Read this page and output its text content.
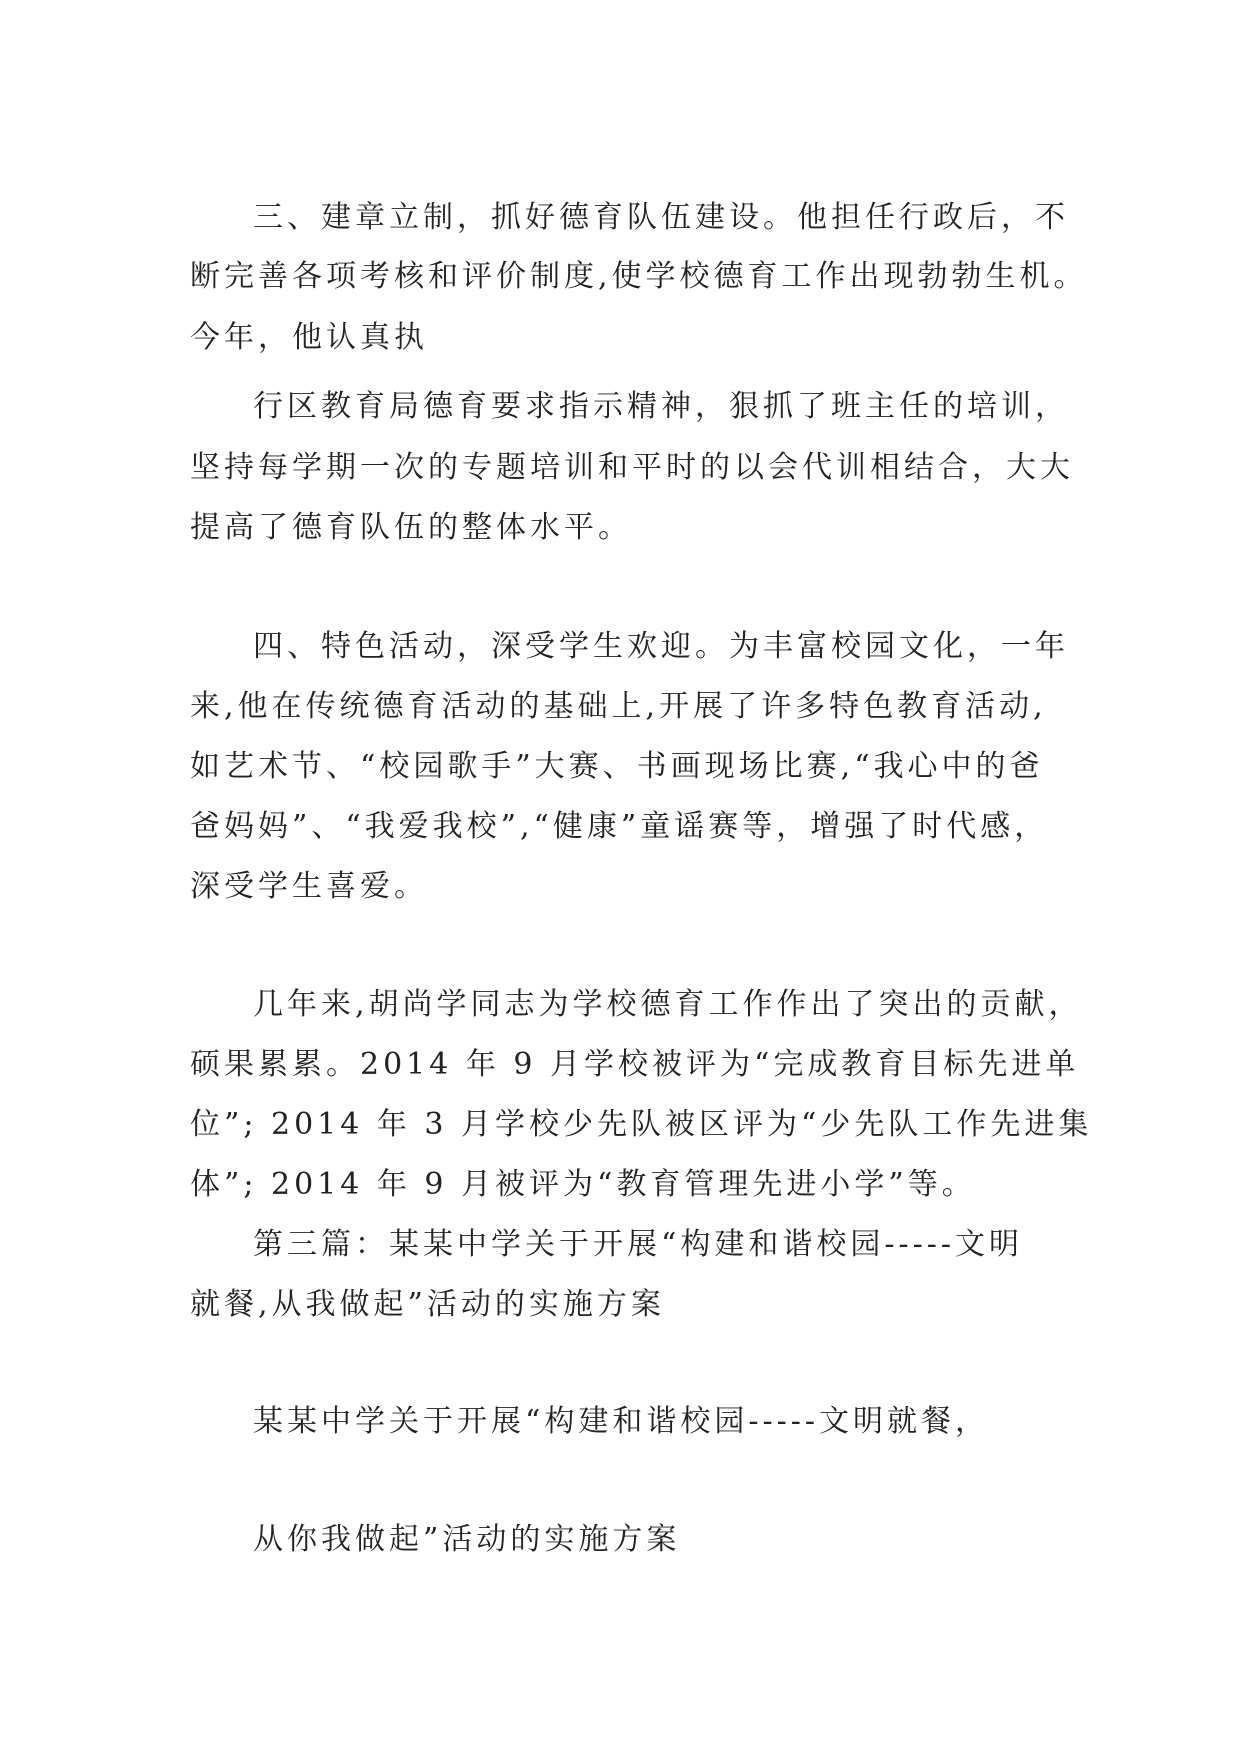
三、建章立制，抓好德育队伍建设。他担任行政后，不
断完善各项考核和评价制度,使学校德育工作出现勃勃生机。
今年，他认真执
行区教育局德育要求指示精神，狠抓了班主任的培训，
坚持每学期一次的专题培训和平时的以会代训相结合，大大
提高了德育队伍的整体水平。
四、特色活动，深受学生欢迎。为丰富校园文化，一年
来,他在传统德育活动的基础上,开展了许多特色教育活动,
如艺术节、“校园歌手”大赛、书画现场比赛,“我心中的爸
爸妈妈”、“我爱我校”,“健康”童谣赛等，增强了时代感，
深受学生喜爱。
几年来,胡尚学同志为学校德育工作作出了突出的贡献，
硕果累累。2014 年 9 月学校被评为“完成教育目标先进单
位”; 2014 年 3 月学校少先队被区评为“少先队工作先进集
体”; 2014 年 9 月被评为“教育管理先进小学”等。
第三篇：某某中学关于开展“构建和谐校园-----文明
就餐,从我做起”活动的实施方案
某某中学关于开展“构建和谐校园-----文明就餐，
从你我做起”活动的实施方案
